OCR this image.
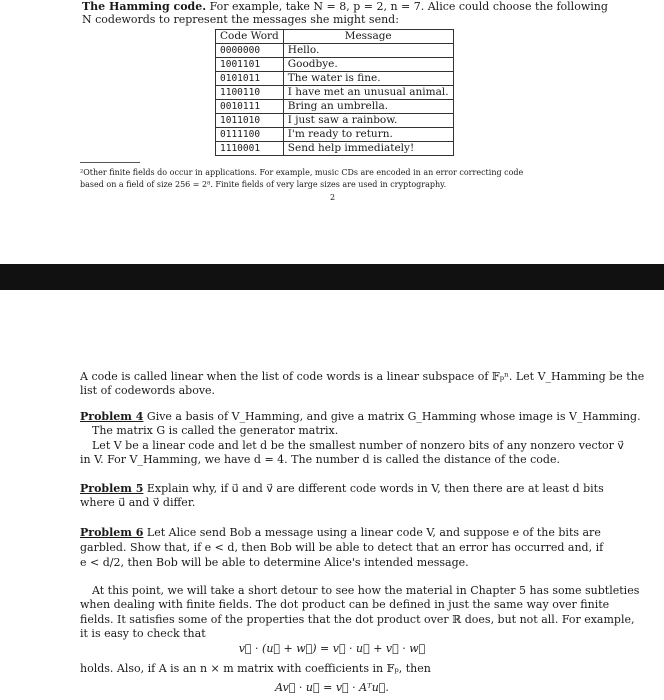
The Hamming code. For example, take N = 8, p = 2, n = 7. Alice could choose the following
N codewords to represent the messages she might send:
Code Word	Message
0000000	Hello.
1001101	Goodbye.
0101011	The water is fine.
1100110	I have met an unusual animal.
0010111	Bring an umbrella.
1011010	I just saw a rainbow.
0111100	I'm ready to return.
1110001	Send help immediately!
²Other finite fields do occur in applications. For example, music CDs are encoded in an error correcting code
based on a field of size 256 = 2⁸. Finite fields of very large sizes are used in cryptography.
2
A code is called linear when the list of code words is a linear subspace of 𝔽ₚⁿ. Let V_Hamming be the
list of codewords above.
Problem 4 Give a basis of V_Hamming, and give a matrix G_Hamming whose image is V_Hamming.
The matrix G is called the generator matrix.
Let V be a linear code and let d be the smallest number of nonzero bits of any nonzero vector v⃗
in V. For V_Hamming, we have d = 4. The number d is called the distance of the code.
Problem 5 Explain why, if u⃗ and v⃗ are different code words in V, then there are at least d bits
where u⃗ and v⃗ differ.
Problem 6 Let Alice send Bob a message using a linear code V, and suppose e of the bits are
garbled. Show that, if e < d, then Bob will be able to detect that an error has occurred and, if
e < d/2, then Bob will be able to determine Alice's intended message.
At this point, we will take a short detour to see how the material in Chapter 5 has some subtleties
when dealing with finite fields. The dot product can be defined in just the same way over finite
fields. It satisfies some of the properties that the dot product over ℝ does, but not all. For example,
it is easy to check that
v⃗ · (u⃗ + w⃗) = v⃗ · u⃗ + v⃗ · w⃗
holds. Also, if A is an n × m matrix with coefficients in 𝔽ₚ, then
Av⃗ · u⃗ = v⃗ · Aᵀu⃗.
